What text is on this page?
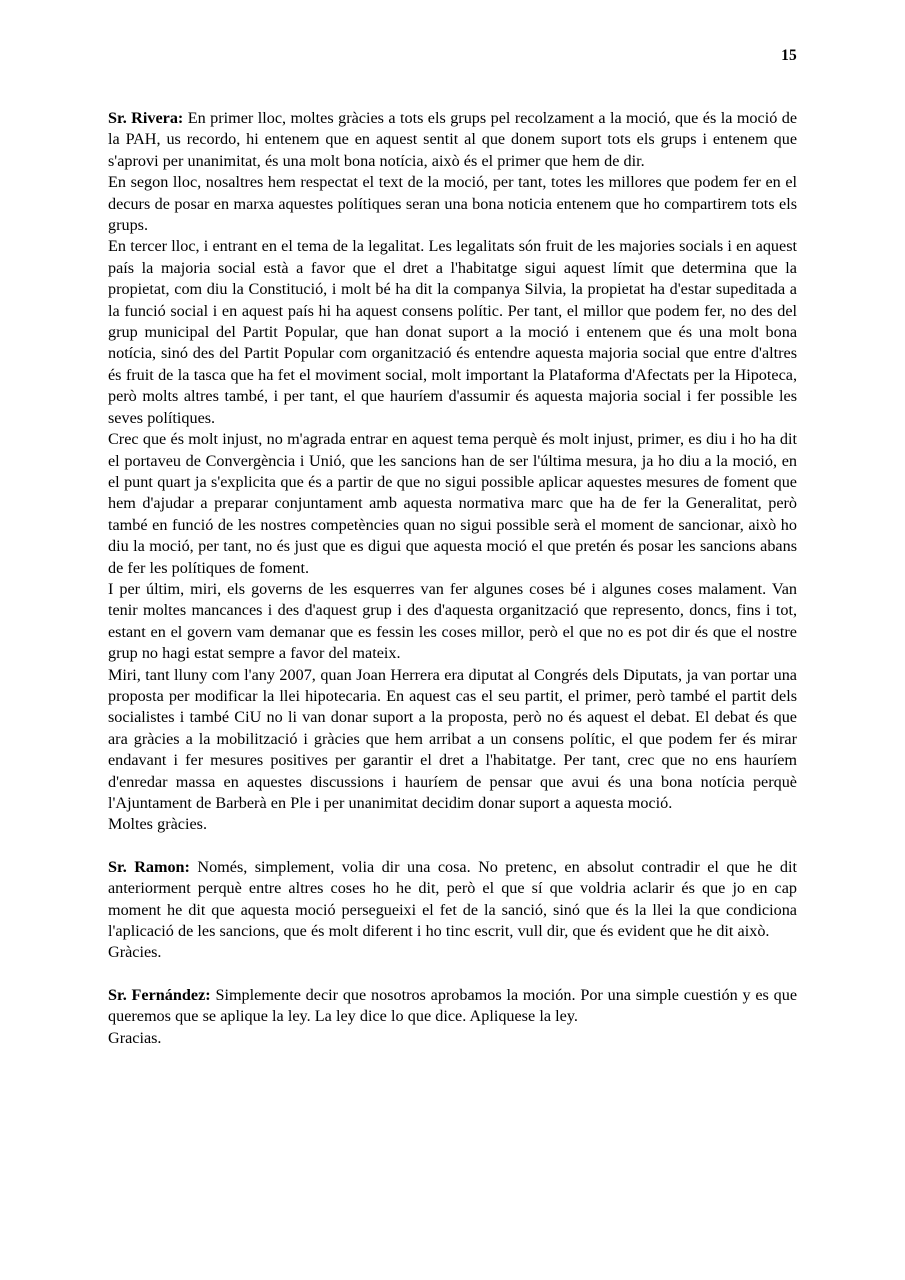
15

Sr. Rivera: En primer lloc, moltes gràcies a tots els grups pel recolzament a la moció, que és la moció de la PAH, us recordo, hi entenem que en aquest sentit al que donem suport tots els grups i entenem que s'aprovi per unanimitat, és una molt bona notícia, això és el primer que hem de dir.

En segon lloc, nosaltres hem respectat el text de la moció, per tant, totes les millores que podem fer en el decurs de posar en marxa aquestes polítiques seran una bona noticia entenem que ho compartirem tots els grups.

En tercer lloc, i entrant en el tema de la legalitat. Les legalitats són fruit de les majories socials i en aquest país la majoria social està a favor que el dret a l'habitatge sigui aquest límit que determina que la propietat, com diu la Constitució, i molt bé ha dit la companya Silvia, la propietat ha d'estar supeditada a la funció social i en aquest país hi ha aquest consens polític. Per tant, el millor que podem fer, no des del grup municipal del Partit Popular, que han donat suport a la moció i entenem que és una molt bona notícia, sinó des del Partit Popular com organització és entendre aquesta majoria social que entre d'altres és fruit de la tasca que ha fet el moviment social, molt important la Plataforma d'Afectats per la Hipoteca, però molts altres també, i per tant, el que hauríem d'assumir és aquesta majoria social i fer possible les seves polítiques.

Crec que és molt injust, no m'agrada entrar en aquest tema perquè és molt injust, primer, es diu i ho ha dit el portaveu de Convergència i Unió, que les sancions han de ser l'última mesura, ja ho diu a la moció, en el punt quart ja s'explicita que és a partir de que no sigui possible aplicar aquestes mesures de foment que hem d'ajudar a preparar conjuntament amb aquesta normativa marc que ha de fer la Generalitat, però també en funció de les nostres competències quan no sigui possible serà el moment de sancionar, això ho diu la moció, per tant, no és just que es digui que aquesta moció el que pretén és posar les sancions abans de fer les polítiques de foment.

I per últim, miri, els governs de les esquerres van fer algunes coses bé i algunes coses malament. Van tenir moltes mancances i des d'aquest grup i des d'aquesta organització que represento, doncs, fins i tot, estant en el govern vam demanar que es fessin les coses millor, però el que no es pot dir és que el nostre grup no hagi estat sempre a favor del mateix.

Miri, tant lluny com l'any 2007, quan Joan Herrera era diputat al Congrés dels Diputats, ja van portar una proposta per modificar la llei hipotecaria. En aquest cas el seu partit, el primer, però també el partit dels socialistes i també CiU no li van donar suport a la proposta, però no és aquest el debat. El debat és que ara gràcies a la mobilització i gràcies que hem arribat a un consens polític, el que podem fer és mirar endavant i fer mesures positives per garantir el dret a l'habitatge. Per tant, crec que no ens hauríem d'enredar massa en aquestes discussions i hauríem de pensar que avui és una bona notícia perquè l'Ajuntament de Barberà en Ple i per unanimitat decidim donar suport a aquesta moció.

Moltes gràcies.

Sr. Ramon: Només, simplement, volia dir una cosa. No pretenc, en absolut contradir el que he dit anteriorment perquè entre altres coses ho he dit, però el que sí que voldria aclarir és que jo en cap moment he dit que aquesta moció persegueixi el fet de la sanció, sinó que és la llei la que condiciona l'aplicació de les sancions, que és molt diferent i ho tinc escrit, vull dir, que és evident que he dit això.

Gràcies.

Sr. Fernández: Simplemente decir que nosotros aprobamos la moción. Por una simple cuestión y es que queremos que se aplique la ley. La ley dice lo que dice. Apliquese la ley.

Gracias.
